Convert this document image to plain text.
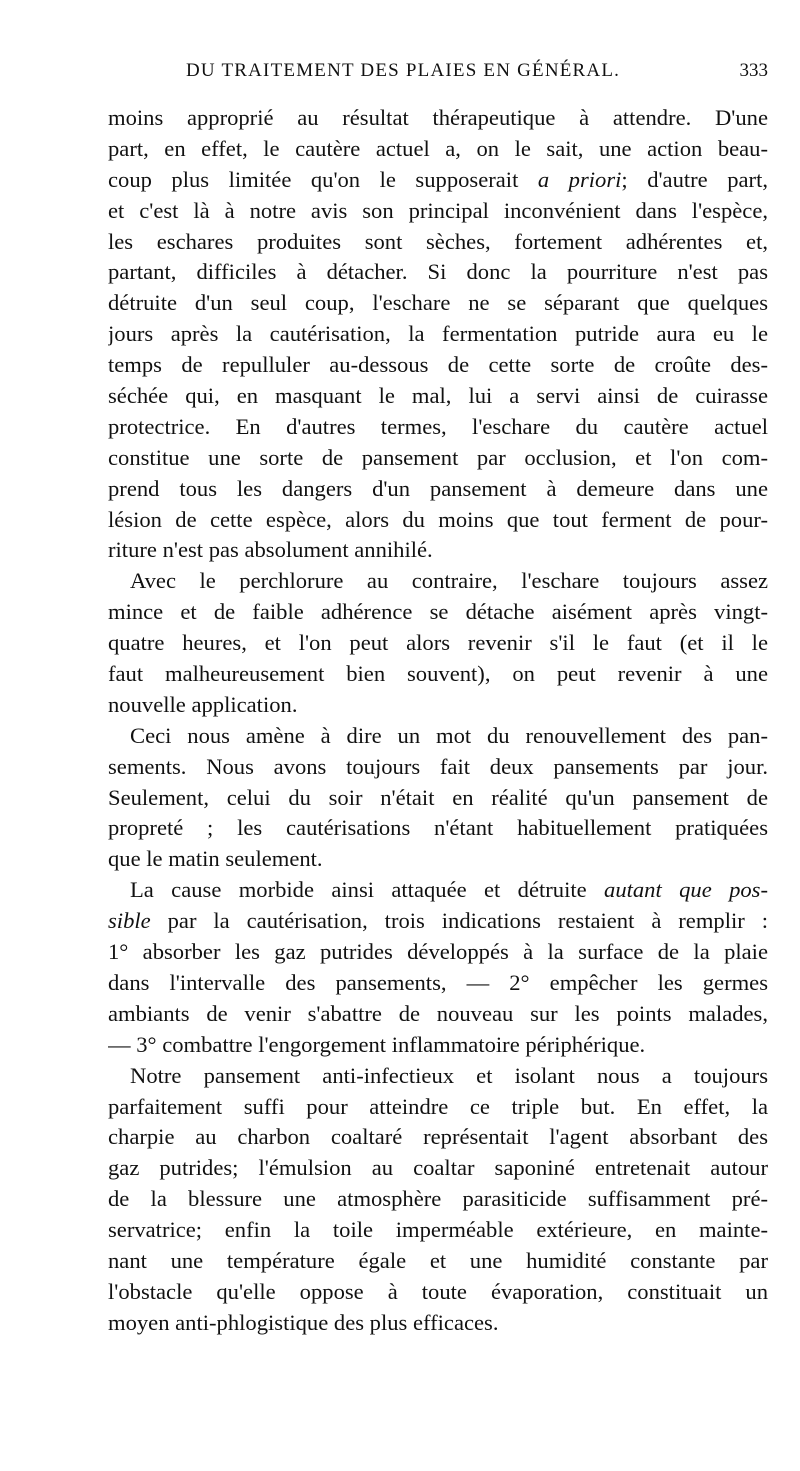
DU TRAITEMENT DES PLAIES EN GÉNÉRAL.	333
moins approprié au résultat thérapeutique à attendre. D'une
part, en effet, le cautère actuel a, on le sait, une action beau-
coup plus limitée qu'on le supposerait a priori; d'autre part,
et c'est là à notre avis son principal inconvénient dans l'espèce,
les eschares produites sont sèches, fortement adhérentes et,
partant, difficiles à détacher. Si donc la pourriture n'est pas
détruite d'un seul coup, l'eschare ne se séparant que quelques
jours après la cautérisation, la fermentation putride aura eu le
temps de repulluler au-dessous de cette sorte de croûte des-
séchée qui, en masquant le mal, lui a servi ainsi de cuirasse
protectrice. En d'autres termes, l'eschare du cautère actuel
constitue une sorte de pansement par occlusion, et l'on com-
prend tous les dangers d'un pansement à demeure dans une
lésion de cette espèce, alors du moins que tout ferment de pour-
riture n'est pas absolument annihilé.
Avec le perchlorure au contraire, l'eschare toujours assez
mince et de faible adhérence se détache aisément après vingt-
quatre heures, et l'on peut alors revenir s'il le faut (et il le
faut malheureusement bien souvent), on peut revenir à une
nouvelle application.
Ceci nous amène à dire un mot du renouvellement des pan-
sements. Nous avons toujours fait deux pansements par jour.
Seulement, celui du soir n'était en réalité qu'un pansement de
propreté ; les cautérisations n'étant habituellement pratiquées
que le matin seulement.
La cause morbide ainsi attaquée et détruite autant que pos-
sible par la cautérisation, trois indications restaient à remplir :
1° absorber les gaz putrides développés à la surface de la plaie
dans l'intervalle des pansements, — 2° empêcher les germes
ambiants de venir s'abattre de nouveau sur les points malades,
— 3° combattre l'engorgement inflammatoire périphérique.
Notre pansement anti-infectieux et isolant nous a toujours
parfaitement suffi pour atteindre ce triple but. En effet, la
charpie au charbon coaltaré représentait l'agent absorbant des
gaz putrides; l'émulsion au coaltar saponiné entretenait autour
de la blessure une atmosphère parasiticide suffisamment pré-
servatrice; enfin la toile imperméable extérieure, en mainte-
nant une température égale et une humidité constante par
l'obstacle qu'elle oppose à toute évaporation, constituait un
moyen anti-phlogistique des plus efficaces.
